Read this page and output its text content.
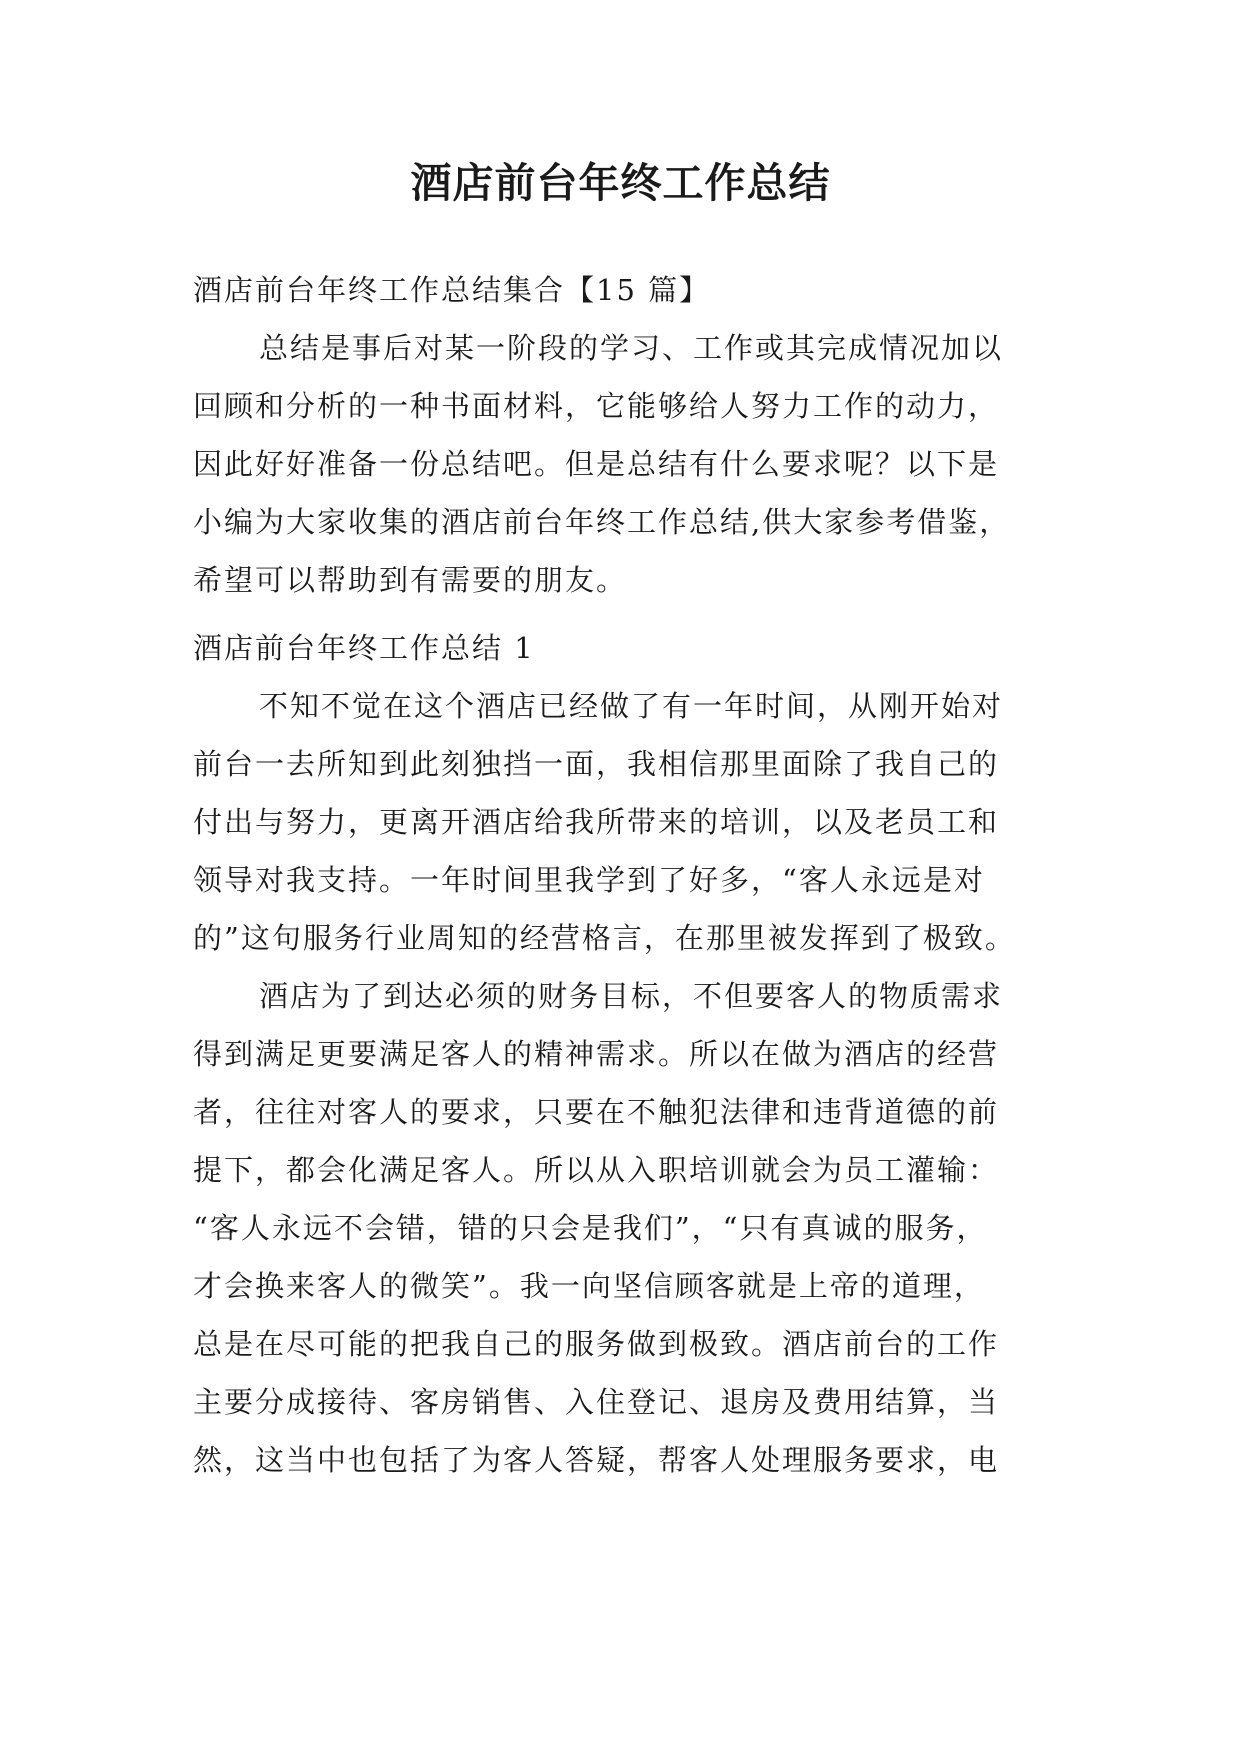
酒店前台年终工作总结
酒店前台年终工作总结集合【15 篇】
总结是事后对某一阶段的学习、工作或其完成情况加以
回顾和分析的一种书面材料，它能够给人努力工作的动力，
因此好好准备一份总结吧。但是总结有什么要求呢？以下是
小编为大家收集的酒店前台年终工作总结,供大家参考借鉴，
希望可以帮助到有需要的朋友。
酒店前台年终工作总结 1
不知不觉在这个酒店已经做了有一年时间，从刚开始对
前台一去所知到此刻独挡一面，我相信那里面除了我自己的
付出与努力，更离开酒店给我所带来的培训，以及老员工和
领导对我支持。一年时间里我学到了好多，“客人永远是对
的”这句服务行业周知的经营格言，在那里被发挥到了极致。
酒店为了到达必须的财务目标，不但要客人的物质需求
得到满足更要满足客人的精神需求。所以在做为酒店的经营
者，往往对客人的要求，只要在不触犯法律和违背道德的前
提下，都会化满足客人。所以从入职培训就会为员工灌输：
“客人永远不会错，错的只会是我们”，“只有真诚的服务，
才会换来客人的微笑”。我一向坚信顾客就是上帝的道理，
总是在尽可能的把我自己的服务做到极致。酒店前台的工作
主要分成接待、客房销售、入住登记、退房及费用结算，当
然，这当中也包括了为客人答疑，帮客人处理服务要求，电
